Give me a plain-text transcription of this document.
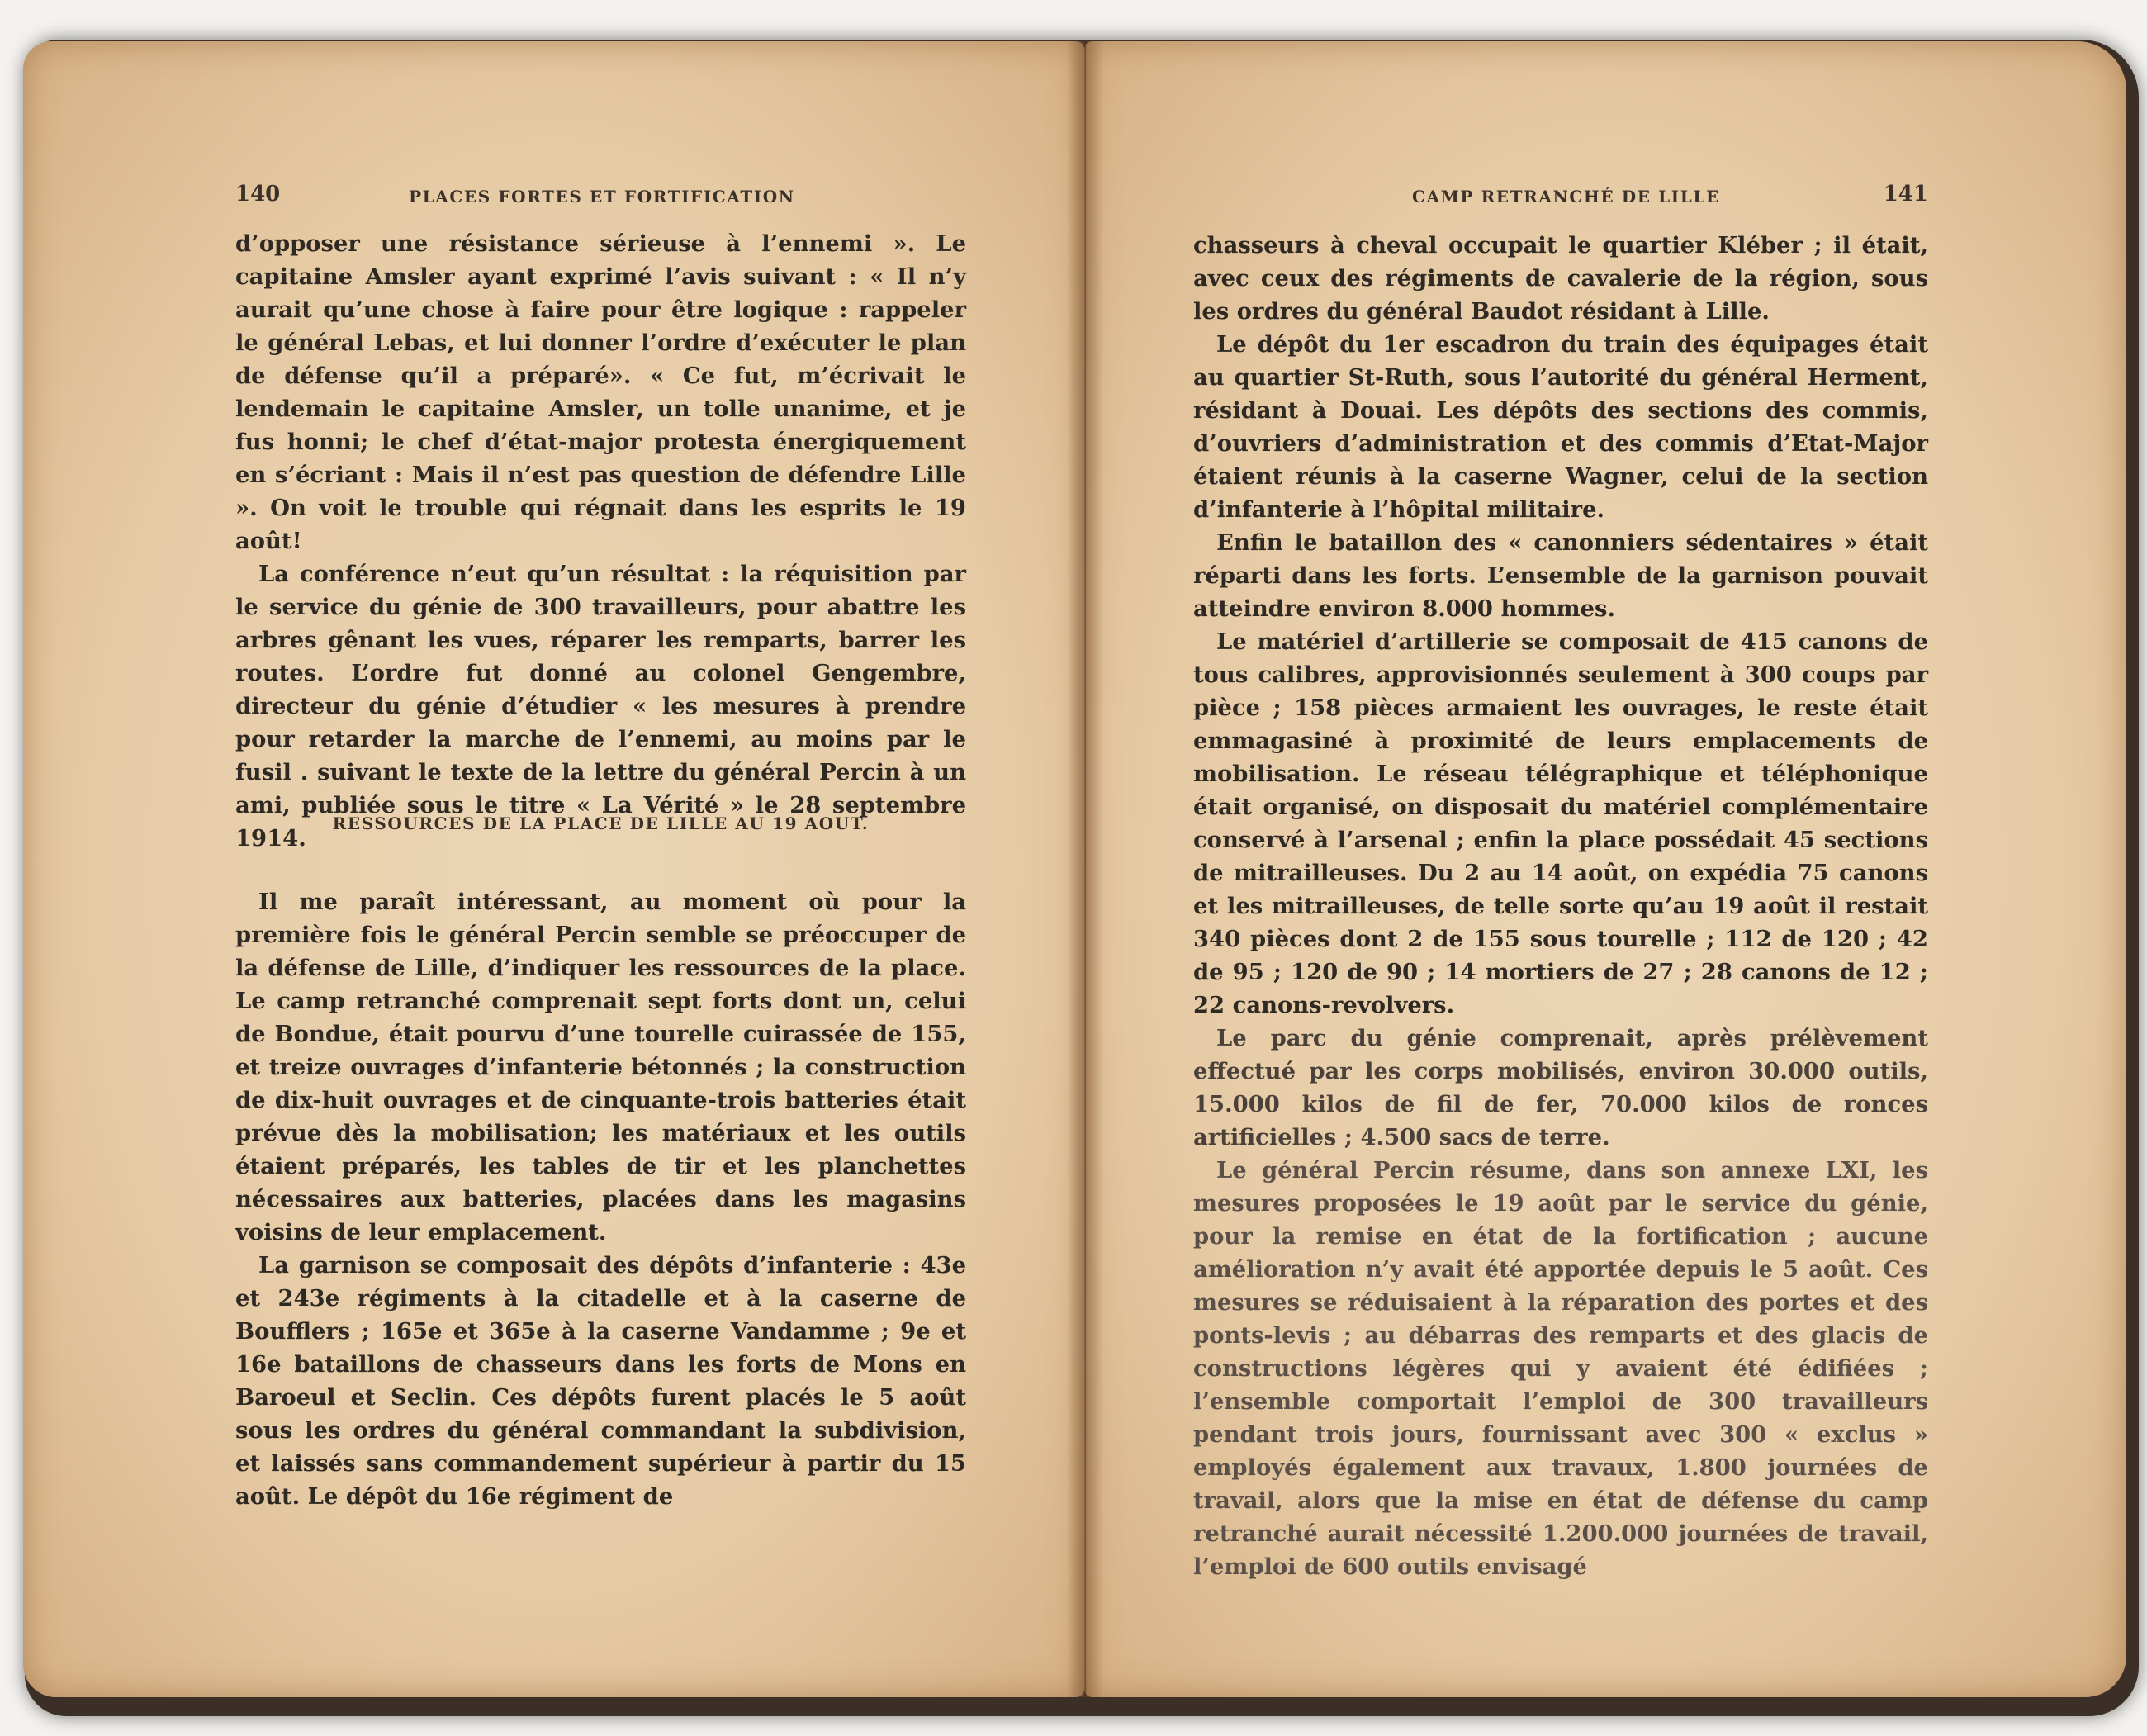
140	PLACES FORTES ET FORTIFICATION

d’opposer une résistance sérieuse à l’ennemi ». Le capitaine Amsler ayant exprimé l’avis suivant : « Il n’y aurait qu’une chose à faire pour être logique : rappeler le général Lebas, et lui donner l’ordre d’exécuter le plan de défense qu’il a préparé». « Ce fut, m’écrivait le lendemain le capitaine Amsler, un tolle unanime, et je fus honni; le chef d’état-major protesta énergiquement en s’écriant : Mais il n’est pas question de défendre Lille ». On voit le trouble qui régnait dans les esprits le 19 août!

La conférence n’eut qu’un résultat : la réquisition par le service du génie de 300 travailleurs, pour abattre les arbres gênant les vues, réparer les remparts, barrer les routes. L’ordre fut donné au colonel Gengembre, directeur du génie d’étudier « les mesures à prendre pour retarder la marche de l’ennemi, au moins par le fusil . suivant le texte de la lettre du général Percin à un ami, publiée sous le titre « La Vérité » le 28 septembre 1914.

RESSOURCES DE LA PLACE DE LILLE AU 19 AOUT.

Il me paraît intéressant, au moment où pour la première fois le général Percin semble se préoccuper de la défense de Lille, d’indiquer les ressources de la place. Le camp retranché comprenait sept forts dont un, celui de Bondue, était pourvu d’une tourelle cuirassée de 155, et treize ouvrages d’infanterie bétonnés ; la construction de dix-huit ouvrages et de cinquante-trois batteries était prévue dès la mobilisation; les matériaux et les outils étaient préparés, les tables de tir et les planchettes nécessaires aux batteries, placées dans les magasins voisins de leur emplacement.

La garnison se composait des dépôts d’infanterie : 43e et 243e régiments à la citadelle et à la caserne de Boufflers ; 165e et 365e à la caserne Vandamme ; 9e et 16e bataillons de chasseurs dans les forts de Mons en Baroeul et Seclin. Ces dépôts furent placés le 5 août sous les ordres du général commandant la subdivision, et laissés sans commandement supérieur à partir du 15 août. Le dépôt du 16e régiment de

CAMP RETRANCHÉ DE LILLE	141

chasseurs à cheval occupait le quartier Kléber ; il était, avec ceux des régiments de cavalerie de la région, sous les ordres du général Baudot résidant à Lille.

Le dépôt du 1er escadron du train des équipages était au quartier St-Ruth, sous l’autorité du général Herment, résidant à Douai. Les dépôts des sections des commis, d’ouvriers d’administration et des commis d’Etat-Major étaient réunis à la caserne Wagner, celui de la section d’infanterie à l’hôpital militaire.

Enfin le bataillon des « canonniers sédentaires » était réparti dans les forts. L’ensemble de la garnison pouvait atteindre environ 8.000 hommes.

Le matériel d’artillerie se composait de 415 canons de tous calibres, approvisionnés seulement à 300 coups par pièce ; 158 pièces armaient les ouvrages, le reste était emmagasiné à proximité de leurs emplacements de mobilisation. Le réseau télégraphique et téléphonique était organisé, on disposait du matériel complémentaire conservé à l’arsenal ; enfin la place possédait 45 sections de mitrailleuses. Du 2 au 14 août, on expédia 75 canons et les mitrailleuses, de telle sorte qu’au 19 août il restait 340 pièces dont 2 de 155 sous tourelle ; 112 de 120 ; 42 de 95 ; 120 de 90 ; 14 mortiers de 27 ; 28 canons de 12 ; 22 canons-revolvers.

Le parc du génie comprenait, après prélèvement effectué par les corps mobilisés, environ 30.000 outils, 15.000 kilos de fil de fer, 70.000 kilos de ronces artificielles ; 4.500 sacs de terre.

Le général Percin résume, dans son annexe LXI, les mesures proposées le 19 août par le service du génie, pour la remise en état de la fortification ; aucune amélioration n’y avait été apportée depuis le 5 août. Ces mesures se réduisaient à la réparation des portes et des ponts-levis ; au débarras des remparts et des glacis de constructions légères qui y avaient été édifiées ; l’ensemble comportait l’emploi de 300 travailleurs pendant trois jours, fournissant avec 300 « exclus » employés également aux travaux, 1.800 journées de travail, alors que la mise en état de défense du camp retranché aurait nécessité 1.200.000 journées de travail, l’emploi de 600 outils envisagé
